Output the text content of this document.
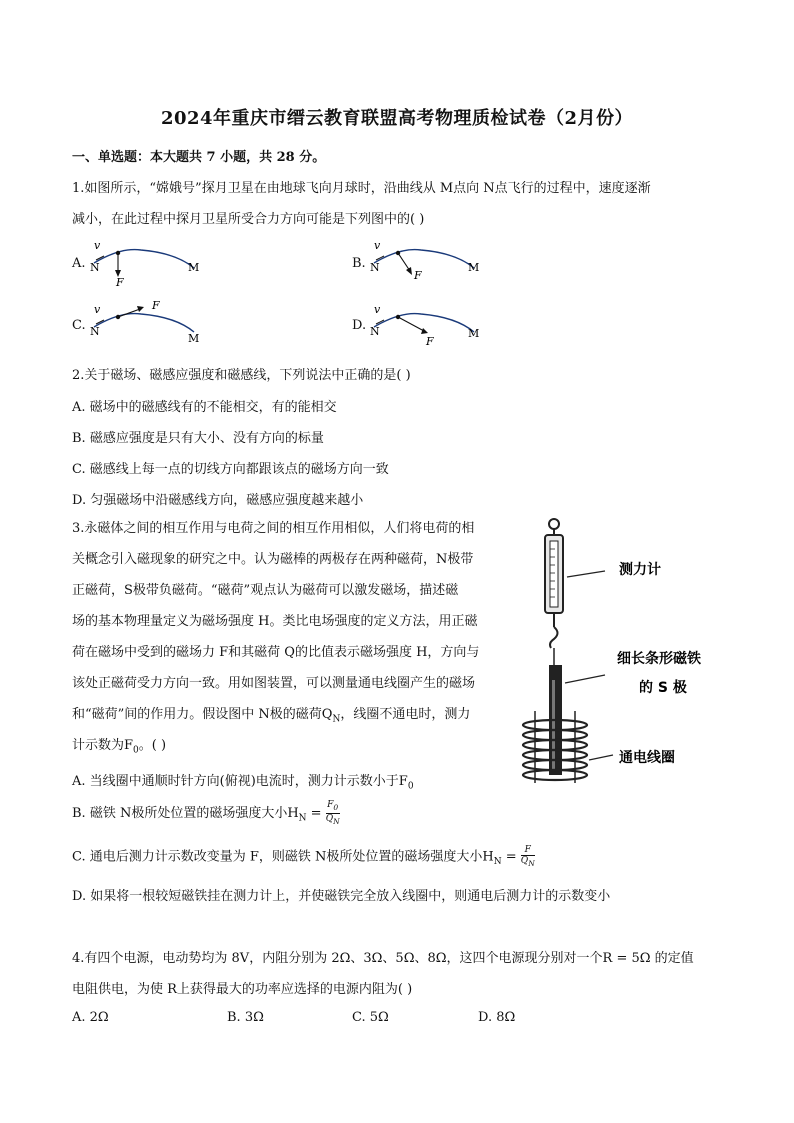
2024年重庆市缙云教育联盟高考物理质检试卷（2月份）
一、单选题：本大题共 7 小题，共 28 分。
1.如图所示，“嫦娥号”探月卫星在由地球飞向月球时，沿曲线从 M点向 N点飞行的过程中，速度逐渐
减小，在此过程中探月卫星所受合力方向可能是下列图中的( )
A.
v
N	M
F
B.
v
N	M
F
C.
v
N
M
F
D.
v
N	M
F
2.关于磁场、磁感应强度和磁感线，下列说法中正确的是( )
A. 磁场中的磁感线有的不能相交，有的能相交
B. 磁感应强度是只有大小、没有方向的标量
C. 磁感线上每一点的切线方向都跟该点的磁场方向一致
D. 匀强磁场中沿磁感线方向，磁感应强度越来越小
3.永磁体之间的相互作用与电荷之间的相互作用相似，人们将电荷的相
关概念引入磁现象的研究之中。认为磁棒的两极存在两种磁荷，N极带
正磁荷，S极带负磁荷。“磁荷”观点认为磁荷可以激发磁场，描述磁
场的基本物理量定义为磁场强度 H。类比电场强度的定义方法，用正磁
荷在磁场中受到的磁场力 F和其磁荷 Q的比值表示磁场强度 H，方向与
该处正磁荷受力方向一致。用如图装置，可以测量通电线圈产生的磁场
和“磁荷”间的作用力。假设图中 N极的磁荷$Q_N$，线圈不通电时，测力
计示数为$F_0$。( )
测力计
细长条形磁铁
的 S 极
通电线圈
A. 当线圈中通顺时针方向(俯视)电流时，测力计示数小于$F_0$
B. 磁铁 N极所处位置的磁场强度大小$H_N = \frac{F_0}{Q_N}$
C. 通电后测力计示数改变量为 F，则磁铁 N极所处位置的磁场强度大小$H_N = \frac{F}{Q_N}$
D. 如果将一根较短磁铁挂在测力计上，并使磁铁完全放入线圈中，则通电后测力计的示数变小
4.有四个电源，电动势均为 8V，内阻分别为 2Ω、3Ω、5Ω、8Ω，这四个电源现分别对一个R = 5Ω 的定值
电阻供电，为使 R上获得最大的功率应选择的电源内阻为( )
A. 2Ω	B. 3Ω	C. 5Ω	D. 8Ω
